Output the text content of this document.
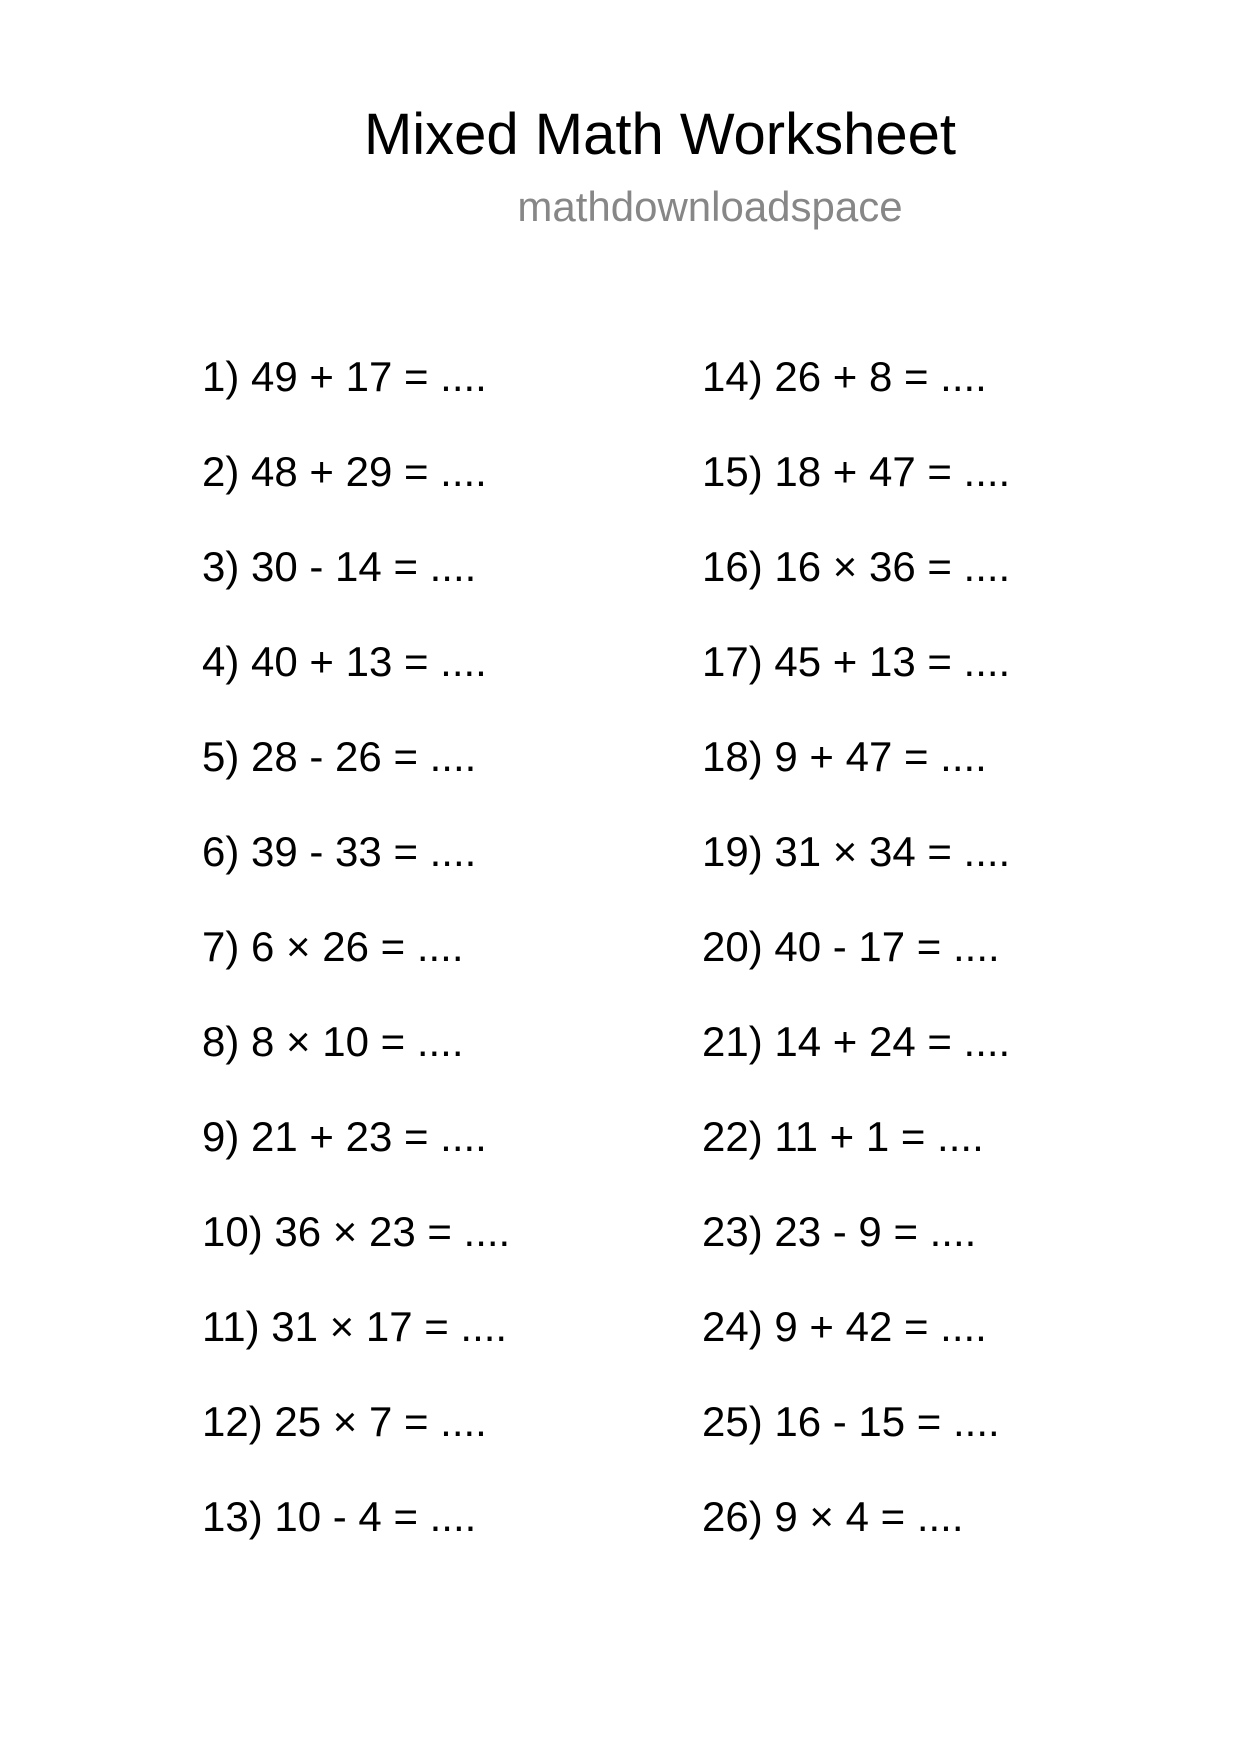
Mixed Math Worksheet
mathdownloadspace
1) 49 + 17 = ....
2) 48 + 29 = ....
3) 30 - 14 = ....
4) 40 + 13 = ....
5) 28 - 26 = ....
6) 39 - 33 = ....
7) 6 × 26 = ....
8) 8 × 10 = ....
9) 21 + 23 = ....
10) 36 × 23 = ....
11) 31 × 17 = ....
12) 25 × 7 = ....
13) 10 - 4 = ....
14) 26 + 8 = ....
15) 18 + 47 = ....
16) 16 × 36 = ....
17) 45 + 13 = ....
18) 9 + 47 = ....
19) 31 × 34 = ....
20) 40 - 17 = ....
21) 14 + 24 = ....
22) 11 + 1 = ....
23) 23 - 9 = ....
24) 9 + 42 = ....
25) 16 - 15 = ....
26) 9 × 4 = ....
